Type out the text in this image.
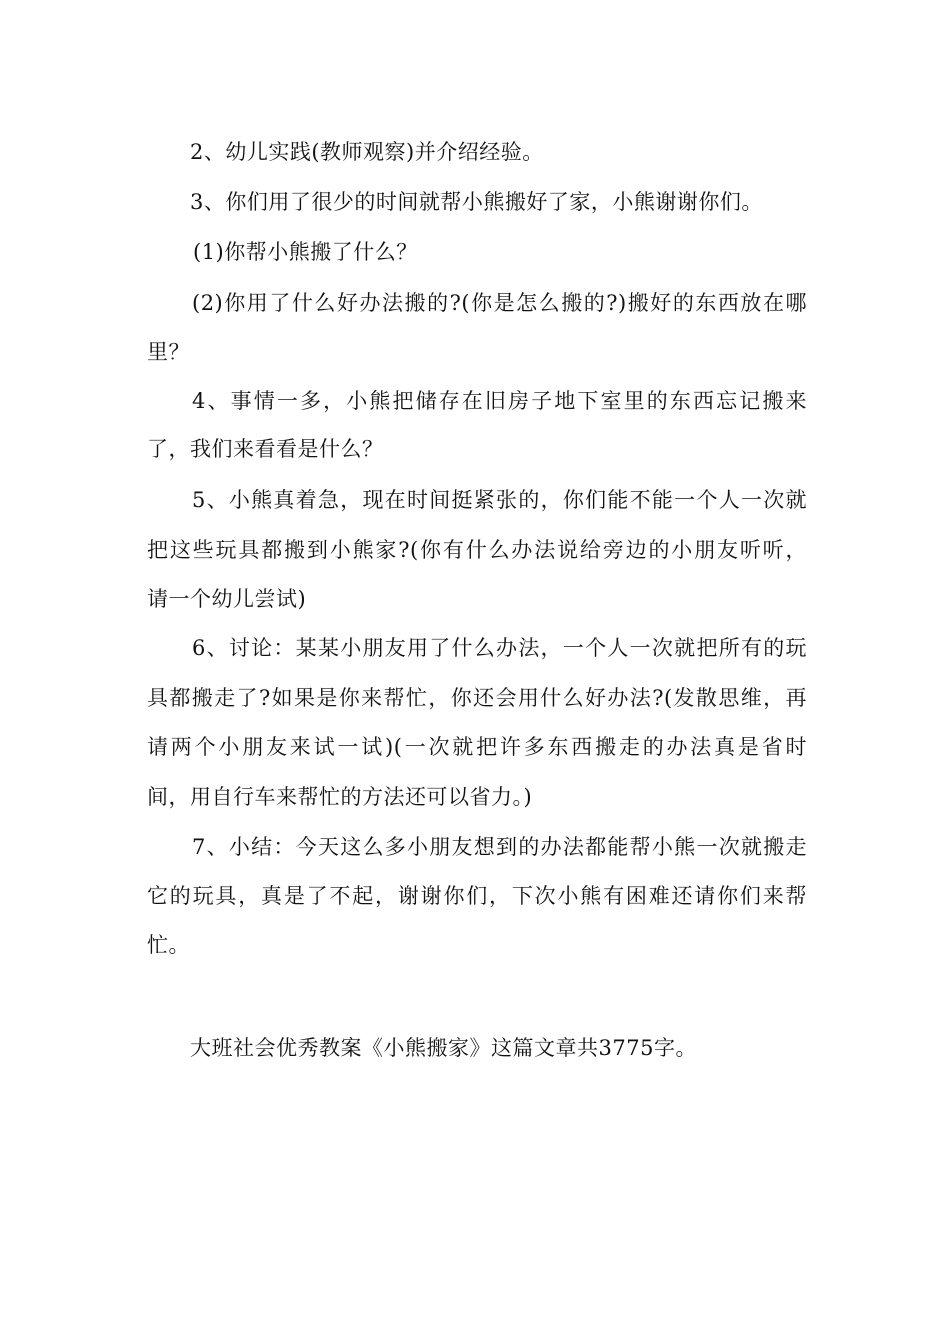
2、幼儿实践(教师观察)并介绍经验。
3、你们用了很少的时间就帮小熊搬好了家，小熊谢谢你们。
(1)你帮小熊搬了什么？
(2)你用了什么好办法搬的?(你是怎么搬的?)搬好的东西放在哪
里？
4、事情一多，小熊把储存在旧房子地下室里的东西忘记搬来
了，我们来看看是什么？
5、小熊真着急，现在时间挺紧张的，你们能不能一个人一次就
把这些玩具都搬到小熊家?(你有什么办法说给旁边的小朋友听听，
请一个幼儿尝试)
6、讨论：某某小朋友用了什么办法，一个人一次就把所有的玩
具都搬走了?如果是你来帮忙，你还会用什么好办法?(发散思维，再
请两个小朋友来试一试)(一次就把许多东西搬走的办法真是省时
间，用自行车来帮忙的方法还可以省力。)
7、小结：今天这么多小朋友想到的办法都能帮小熊一次就搬走
它的玩具，真是了不起，谢谢你们，下次小熊有困难还请你们来帮
忙。
大班社会优秀教案《小熊搬家》这篇文章共3775字。
